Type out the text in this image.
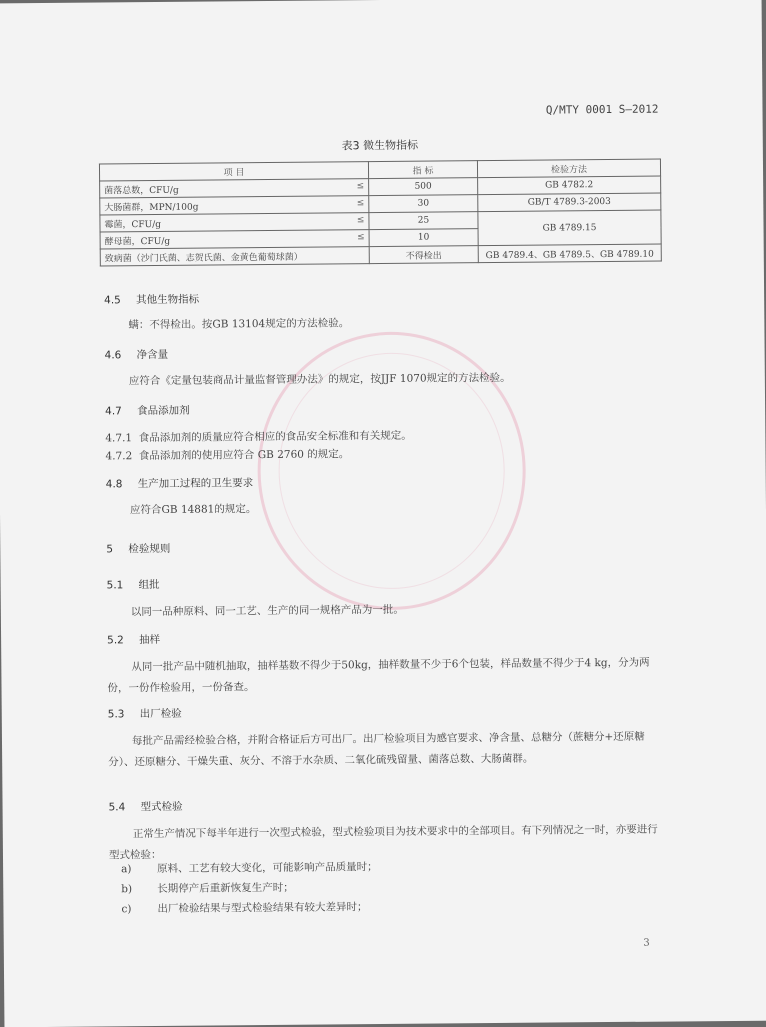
Q/MTY 0001 S—2012
表3 微生物指标
项 目	指 标	检验方法

菌落总数，CFU/g ≤	500	GB 4782.2

大肠菌群，MPN/100g ≤	30	GB/T 4789.3-2003

霉菌，CFU/g ≤	25	GB 4789.15

酵母菌，CFU/g ≤	10	

致病菌（沙门氏菌、志贺氏菌、金黄色葡萄球菌）	不得检出	GB 4789.4、GB 4789.5、GB 4789.10
4.5 其他生物指标
螨：不得检出。按GB 13104规定的方法检验。
4.6 净含量
应符合《定量包装商品计量监督管理办法》的规定，按JJF 1070规定的方法检验。
4.7 食品添加剂
4.7.1 食品添加剂的质量应符合相应的食品安全标准和有关规定。
4.7.2 食品添加剂的使用应符合 GB 2760 的规定。
4.8 生产加工过程的卫生要求
应符合GB 14881的规定。
5 检验规则
5.1 组批
以同一品种原料、同一工艺、生产的同一规格产品为一批。
5.2 抽样
从同一批产品中随机抽取，抽样基数不得少于50kg，抽样数量不少于6个包装，样品数量不得少于4 kg，分为两份，一份作检验用，一份备查。
5.3 出厂检验
每批产品需经检验合格，并附合格证后方可出厂。出厂检验项目为感官要求、净含量、总糖分（蔗糖分+还原糖分）、还原糖分、干燥失重、灰分、不溶于水杂质、二氧化硫残留量、菌落总数、大肠菌群。
5.4 型式检验
正常生产情况下每半年进行一次型式检验，型式检验项目为技术要求中的全部项目。有下列情况之一时，亦要进行型式检验：
a) 原料、工艺有较大变化，可能影响产品质量时；
b) 长期停产后重新恢复生产时；
c) 出厂检验结果与型式检验结果有较大差异时；
3
